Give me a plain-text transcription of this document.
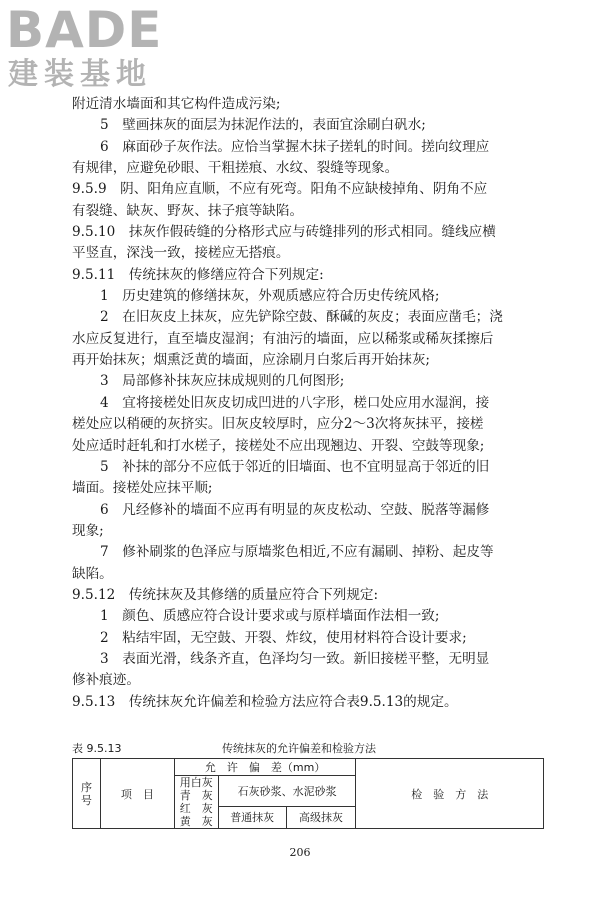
BADE
建装基地
附近清水墙面和其它构件造成污染;
5　壁画抹灰的面层为抹泥作法的，表面宜涂刷白矾水;
6　麻面砂子灰作法。应恰当掌握木抹子搓轧的时间。搓向纹理应
有规律，应避免砂眼、干粗搓痕、水纹、裂缝等现象。
9.5.9　阴、阳角应直顺，不应有死弯。阳角不应缺棱掉角、阴角不应
有裂缝、缺灰、野灰、抹子痕等缺陷。
9.5.10　抹灰作假砖缝的分格形式应与砖缝排列的形式相同。缝线应横
平竖直，深浅一致，接槎应无搭痕。
9.5.11　传统抹灰的修缮应符合下列规定:
1　历史建筑的修缮抹灰，外观质感应符合历史传统风格;
2　在旧灰皮上抹灰，应先铲除空鼓、酥碱的灰皮；表面应凿毛；浇
水应反复进行，直至墙皮湿润；有油污的墙面，应以稀浆或稀灰揉擦后
再开始抹灰；烟熏泛黄的墙面，应涂刷月白浆后再开始抹灰;
3　局部修补抹灰应抹成规则的几何图形;
4　宜将接槎处旧灰皮切成凹进的八字形，槎口处应用水湿润，接
槎处应以稍硬的灰挤实。旧灰皮较厚时，应分2～3次将灰抹平，接槎
处应适时赶轧和打水槎子，接槎处不应出现翘边、开裂、空鼓等现象;
5　补抹的部分不应低于邻近的旧墙面、也不宜明显高于邻近的旧
墙面。接槎处应抹平顺;
6　凡经修补的墙面不应再有明显的灰皮松动、空鼓、脱落等漏修
现象;
7　修补刷浆的色泽应与原墙浆色相近,不应有漏刷、掉粉、起皮等
缺陷。
9.5.12　传统抹灰及其修缮的质量应符合下列规定:
1　颜色、质感应符合设计要求或与原样墙面作法相一致;
2　粘结牢固，无空鼓、开裂、炸纹，使用材料符合设计要求;
3　表面光滑，线条齐直，色泽均匀一致。新旧接槎平整，无明显
修补痕迹。
9.5.13　传统抹灰允许偏差和检验方法应符合表9.5.13的规定。
表 9.5.13	传统抹灰的允许偏差和检验方法
序号	项　目	允　许　偏　差（mm）			检　验　方　法

		用白灰 青　灰 红　灰 黄　灰	石灰砂浆、水泥砂浆		
			普通抹灰	高级抹灰	
206
